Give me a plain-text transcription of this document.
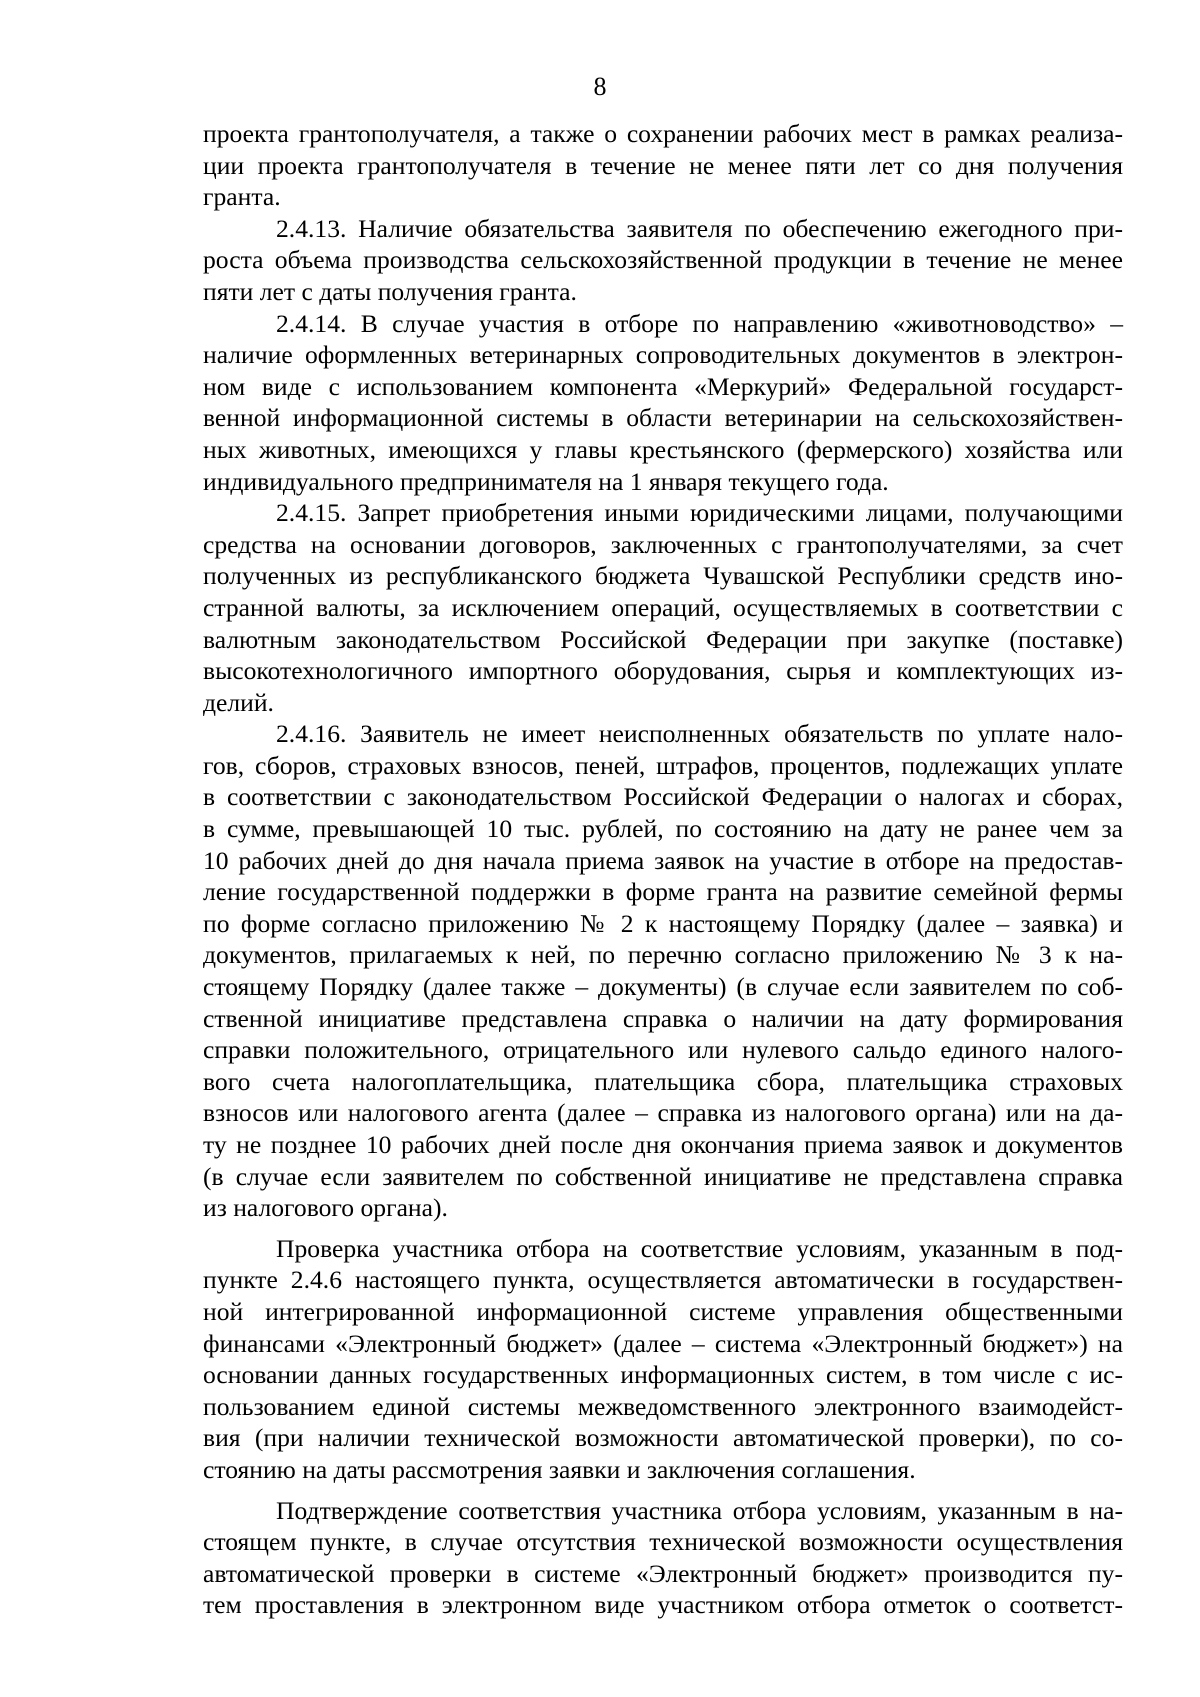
8
проекта грантополучателя, а также о сохранении рабочих мест в рамках реализа-
ции проекта грантополучателя в течение не менее пяти лет со дня получения
гранта.
2.4.13. Наличие обязательства заявителя по обеспечению ежегодного при-
роста объема производства сельскохозяйственной продукции в течение не менее
пяти лет с даты получения гранта.
2.4.14. В случае участия в отборе по направлению «животноводство» –
наличие оформленных ветеринарных сопроводительных документов в электрон-
ном виде с использованием компонента «Меркурий» Федеральной государст-
венной информационной системы в области ветеринарии на сельскохозяйствен-
ных животных, имеющихся у главы крестьянского (фермерского) хозяйства или
индивидуального предпринимателя на 1 января текущего года.
2.4.15. Запрет приобретения иными юридическими лицами, получающими
средства на основании договоров, заключенных с грантополучателями, за счет
полученных из республиканского бюджета Чувашской Республики средств ино-
странной валюты, за исключением операций, осуществляемых в соответствии с
валютным законодательством Российской Федерации при закупке (поставке)
высокотехнологичного импортного оборудования, сырья и комплектующих из-
делий.
2.4.16. Заявитель не имеет неисполненных обязательств по уплате нало-
гов, сборов, страховых взносов, пеней, штрафов, процентов, подлежащих уплате
в соответствии с законодательством Российской Федерации о налогах и сборах,
в сумме, превышающей 10 тыс. рублей, по состоянию на дату не ранее чем за
10 рабочих дней до дня начала приема заявок на участие в отборе на предостав-
ление государственной поддержки в форме гранта на развитие семейной фермы
по форме согласно приложению № 2 к настоящему Порядку (далее – заявка) и
документов, прилагаемых к ней, по перечню согласно приложению № 3 к на-
стоящему Порядку (далее также – документы) (в случае если заявителем по соб-
ственной инициативе представлена справка о наличии на дату формирования
справки положительного, отрицательного или нулевого сальдо единого налого-
вого счета налогоплательщика, плательщика сбора, плательщика страховых
взносов или налогового агента (далее – справка из налогового органа) или на да-
ту не позднее 10 рабочих дней после дня окончания приема заявок и документов
(в случае если заявителем по собственной инициативе не представлена справка
из налогового органа).
Проверка участника отбора на соответствие условиям, указанным в под-
пункте 2.4.6 настоящего пункта, осуществляется автоматически в государствен-
ной интегрированной информационной системе управления общественными
финансами «Электронный бюджет» (далее – система «Электронный бюджет») на
основании данных государственных информационных систем, в том числе с ис-
пользованием единой системы межведомственного электронного взаимодейст-
вия (при наличии технической возможности автоматической проверки), по со-
стоянию на даты рассмотрения заявки и заключения соглашения.
Подтверждение соответствия участника отбора условиям, указанным в на-
стоящем пункте, в случае отсутствия технической возможности осуществления
автоматической проверки в системе «Электронный бюджет» производится пу-
тем проставления в электронном виде участником отбора отметок о соответст-
